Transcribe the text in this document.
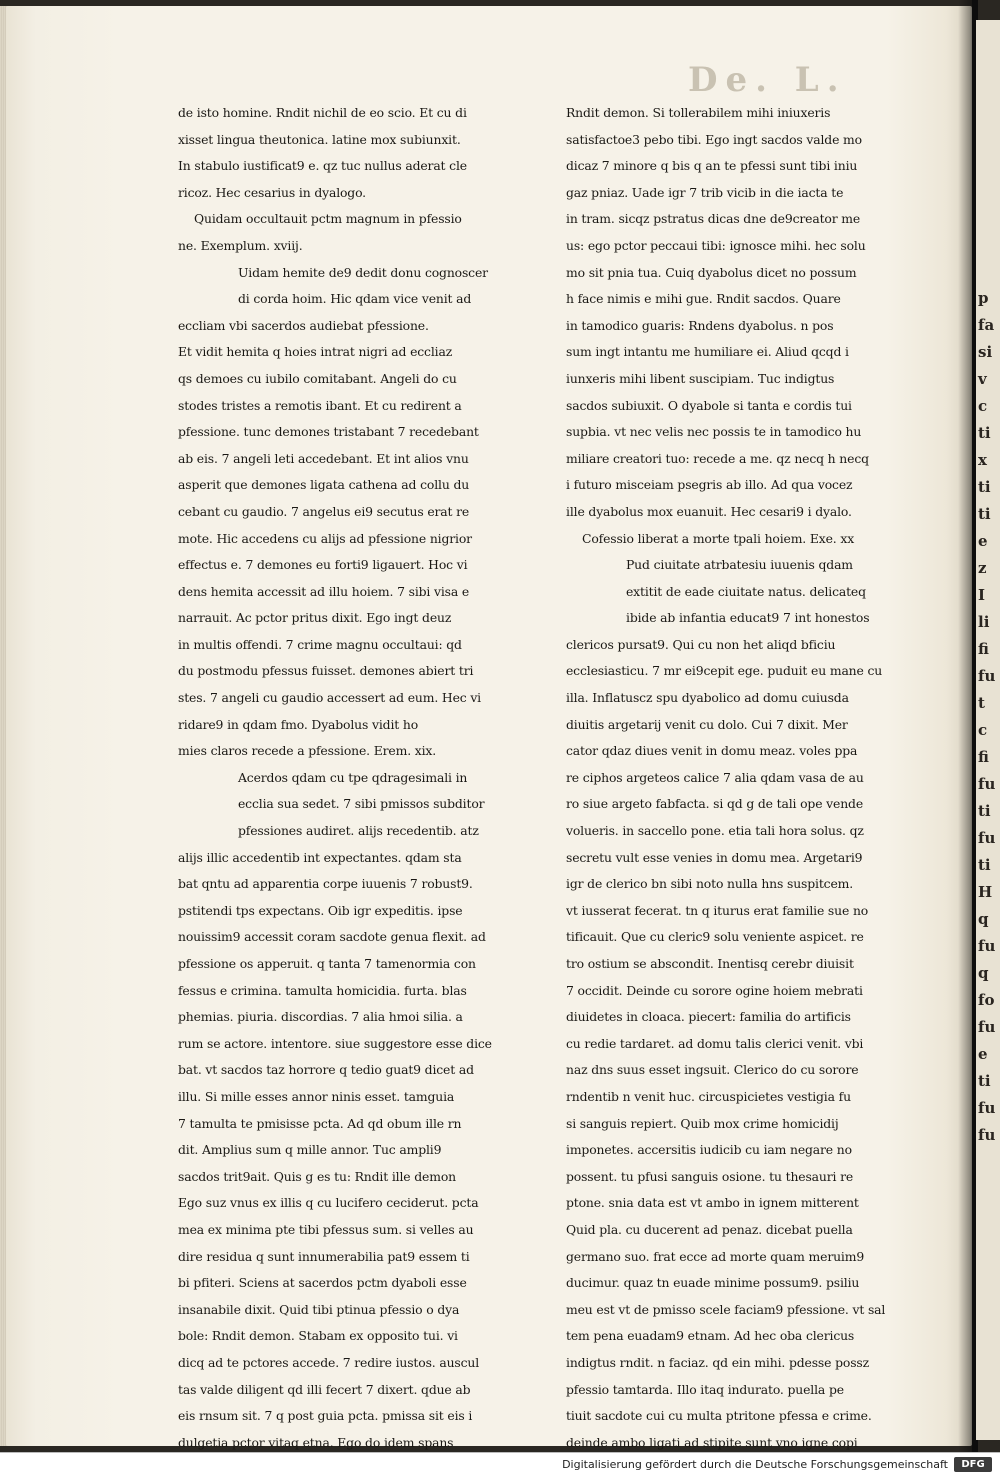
De. L.
de isto homine. Rndit nichil de eo scio. Et cu di
xisset lingua theutonica. latine mox subiunxit.
In stabulo iustificat9 e. qz tuc nullus aderat cle
ricoz. Hec cesarius in dyalogo.
Quidam occultauit pctm magnum in pfessio
ne. Exemplum. xviij.
Uidam hemite de9 dedit donu cognoscer
di corda hoim. Hic qdam vice venit ad
eccliam vbi sacerdos audiebat pfessione.
Et vidit hemita q hoies intrat nigri ad eccliaz
qs demoes cu iubilo comitabant. Angeli do cu
stodes tristes a remotis ibant. Et cu redirent a
pfessione. tunc demones tristabant 7 recedebant
ab eis. 7 angeli leti accedebant. Et int alios vnu
asperit que demones ligata cathena ad collu du
cebant cu gaudio. 7 angelus ei9 secutus erat re
mote. Hic accedens cu alijs ad pfessione nigrior
effectus e. 7 demones eu forti9 ligauert. Hoc vi
dens hemita accessit ad illu hoiem. 7 sibi visa e
narrauit. Ac pctor pritus dixit. Ego ingt deuz
in multis offendi. 7 crime magnu occultaui: qd
du postmodu pfessus fuisset. demones abiert tri
stes. 7 angeli cu gaudio accessert ad eum. Hec vi
ridare9 in qdam fmo. Dyabolus vidit ho
mies claros recede a pfessione. Erem. xix.
Acerdos qdam cu tpe qdragesimali in
ecclia sua sedet. 7 sibi pmissos subditor
pfessiones audiret. alijs recedentib. atz
alijs illic accedentib int expectantes. qdam sta
bat qntu ad apparentia corpe iuuenis 7 robust9.
pstitendi tps expectans. Oib igr expeditis. ipse
nouissim9 accessit coram sacdote genua flexit. ad
pfessione os apperuit. q tanta 7 tamenormia con
fessus e crimina. tamulta homicidia. furta. blas
phemias. piuria. discordias. 7 alia hmoi silia. a
rum se actore. intentore. siue suggestore esse dice
bat. vt sacdos taz horrore q tedio guat9 dicet ad
illu. Si mille esses annor ninis esset. tamguia
7 tamulta te pmisisse pcta. Ad qd obum ille rn
dit. Amplius sum q mille annor. Tuc ampli9
sacdos trit9ait. Quis g es tu: Rndit ille demon
Ego suz vnus ex illis q cu lucifero ceciderut. pcta
mea ex minima pte tibi pfessus sum. si velles au
dire residua q sunt innumerabilia pat9 essem ti
bi pfiteri. Sciens at sacerdos pctm dyaboli esse
insanabile dixit. Quid tibi ptinua pfessio o dya
bole: Rndit demon. Stabam ex opposito tui. vi
dicq ad te pctores accede. 7 redire iustos. auscul
tas valde diligent qd illi fecert 7 dixert. qdue ab
eis rnsum sit. 7 q post guia pcta. pmissa sit eis i
dulgetia pctor vitaq etna. Ego do idem spans
Rndit demon. Si tollerabilem mihi iniuxeris
satisfactoe3 pebo tibi. Ego ingt sacdos valde mo
dicaz 7 minore q bis q an te pfessi sunt tibi iniu
gaz pniaz. Uade igr 7 trib vicib in die iacta te
in tram. sicqz pstratus dicas dne de9creator me
us: ego pctor peccaui tibi: ignosce mihi. hec solu
mo sit pnia tua. Cuiq dyabolus dicet no possum
h face nimis e mihi gue. Rndit sacdos. Quare
in tamodico guaris: Rndens dyabolus. n pos
sum ingt intantu me humiliare ei. Aliud qcqd i
iunxeris mihi libent suscipiam. Tuc indigtus
sacdos subiuxit. O dyabole si tanta e cordis tui
supbia. vt nec velis nec possis te in tamodico hu
miliare creatori tuo: recede a me. qz necq h necq
i futuro misceiam psegris ab illo. Ad qua vocez
ille dyabolus mox euanuit. Hec cesari9 i dyalo.
Cofessio liberat a morte tpali hoiem. Exe. xx
Pud ciuitate atrbatesiu iuuenis qdam
extitit de eade ciuitate natus. delicateq
ibide ab infantia educat9 7 int honestos
clericos pursat9. Qui cu non het aliqd bficiu
ecclesiasticu. 7 mr ei9cepit ege. puduit eu mane cu
illa. Inflatuscz spu dyabolico ad domu cuiusda
diuitis argetarij venit cu dolo. Cui 7 dixit. Mer
cator qdaz diues venit in domu meaz. voles ppa
re ciphos argeteos calice 7 alia qdam vasa de au
ro siue argeto fabfacta. si qd g de tali ope vende
volueris. in saccello pone. etia tali hora solus. qz
secretu vult esse venies in domu mea. Argetari9
igr de clerico bn sibi noto nulla hns suspitcem.
vt iusserat fecerat. tn q iturus erat familie sue no
tificauit. Que cu cleric9 solu veniente aspicet. re
tro ostium se abscondit. Inentisq cerebr diuisit
7 occidit. Deinde cu sorore ogine hoiem mebrati
diuidetes in cloaca. piecert: familia do artificis
cu redie tardaret. ad domu talis clerici venit. vbi
naz dns suus esset ingsuit. Clerico do cu sorore
rndentib n venit huc. circuspicietes vestigia fu
si sanguis repiert. Quib mox crime homicidij
imponetes. accersitis iudicib cu iam negare no
possent. tu pfusi sanguis osione. tu thesauri re
ptone. snia data est vt ambo in ignem mitterent
Quid pla. cu ducerent ad penaz. dicebat puella
germano suo. frat ecce ad morte quam meruim9
ducimur. quaz tn euade minime possum9. psiliu
meu est vt de pmisso scele faciam9 pfessione. vt sal
tem pena euadam9 etnam. Ad hec oba clericus
indigtus rndit. n faciaz. qd ein mihi. pdesse possz
pfessio tamtarda. Illo itaq indurato. puella pe
tiuit sacdote cui cu multa ptritone pfessa e crime.
deinde ambo ligati ad stipite sunt vno igne copi
p
fa
si
v
c
ti
x
ti
ti
e
z
I
li
fi
fu
t
c
fi
fu
ti
fu
ti
H
q
fu
q
fo
fu
e
ti
fu
fu
Digitalisierung gefördert durch die Deutsche Forschungsgemeinschaft	DFG
